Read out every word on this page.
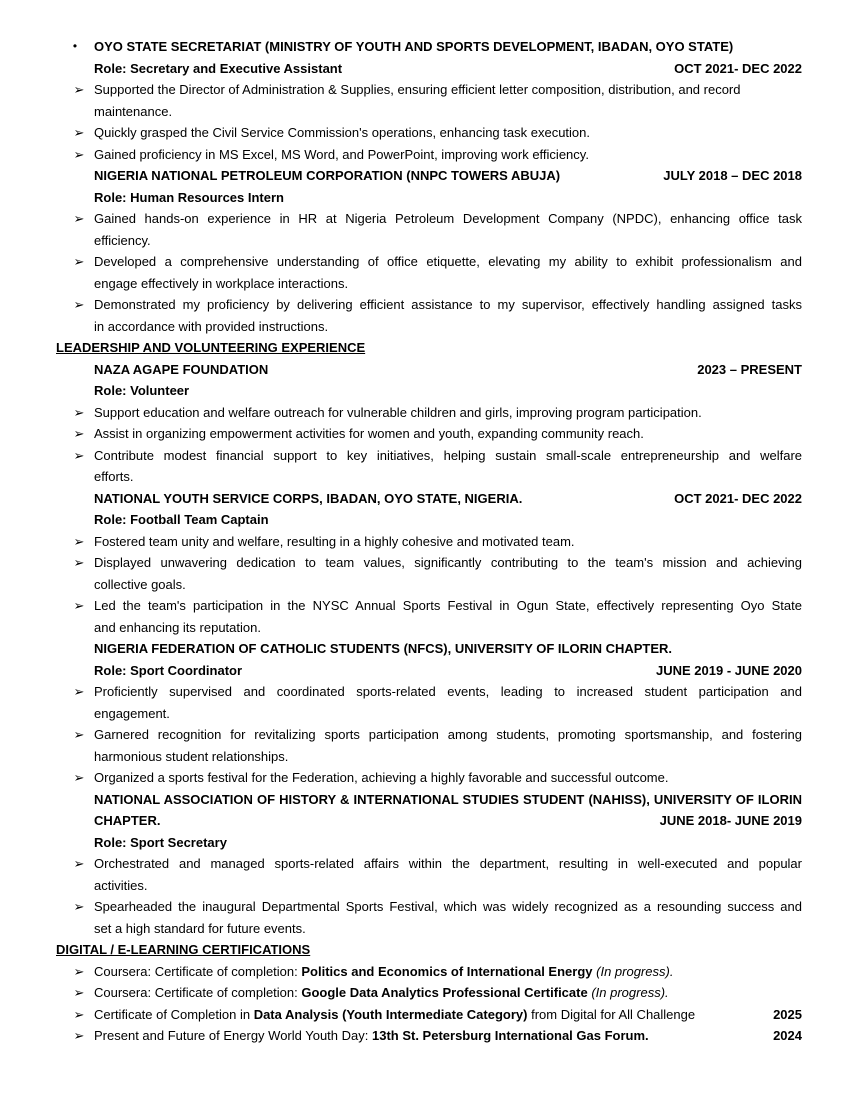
•	OYO STATE SECRETARIAT (MINISTRY OF YOUTH AND SPORTS DEVELOPMENT, IBADAN, OYO STATE)
Role: Secretary and Executive Assistant	OCT 2021- DEC 2022
➢ Supported the Director of Administration & Supplies, ensuring efficient letter composition, distribution, and record
maintenance.
➢ Quickly grasped the Civil Service Commission's operations, enhancing task execution.
➢ Gained proficiency in MS Excel, MS Word, and PowerPoint, improving work efficiency.
NIGERIA NATIONAL PETROLEUM CORPORATION (NNPC TOWERS ABUJA)	JULY 2018 – DEC 2018
Role: Human Resources Intern
➢ Gained hands-on experience in HR at Nigeria Petroleum Development Company (NPDC), enhancing office task
efficiency.
➢ Developed a comprehensive understanding of office etiquette, elevating my ability to exhibit professionalism and
engage effectively in workplace interactions.
➢ Demonstrated my proficiency by delivering efficient assistance to my supervisor, effectively handling assigned tasks
in accordance with provided instructions.
LEADERSHIP AND VOLUNTEERING EXPERIENCE
NAZA AGAPE FOUNDATION	2023 – PRESENT
Role: Volunteer
➢ Support education and welfare outreach for vulnerable children and girls, improving program participation.
➢ Assist in organizing empowerment activities for women and youth, expanding community reach.
➢ Contribute modest financial support to key initiatives, helping sustain small-scale entrepreneurship and welfare
efforts.
NATIONAL YOUTH SERVICE CORPS, IBADAN, OYO STATE, NIGERIA.	OCT 2021- DEC 2022
Role: Football Team Captain
➢ Fostered team unity and welfare, resulting in a highly cohesive and motivated team.
➢ Displayed unwavering dedication to team values, significantly contributing to the team's mission and achieving
collective goals.
➢ Led the team's participation in the NYSC Annual Sports Festival in Ogun State, effectively representing Oyo State
and enhancing its reputation.
NIGERIA FEDERATION OF CATHOLIC STUDENTS (NFCS), UNIVERSITY OF ILORIN CHAPTER.
Role: Sport Coordinator	JUNE 2019 - JUNE 2020
➢ Proficiently supervised and coordinated sports-related events, leading to increased student participation and
engagement.
➢ Garnered recognition for revitalizing sports participation among students, promoting sportsmanship, and fostering
harmonious student relationships.
➢ Organized a sports festival for the Federation, achieving a highly favorable and successful outcome.
NATIONAL ASSOCIATION OF HISTORY & INTERNATIONAL STUDIES STUDENT (NAHISS), UNIVERSITY OF ILORIN
CHAPTER.	JUNE 2018- JUNE 2019
Role: Sport Secretary
➢ Orchestrated and managed sports-related affairs within the department, resulting in well-executed and popular
activities.
➢ Spearheaded the inaugural Departmental Sports Festival, which was widely recognized as a resounding success and
set a high standard for future events.
DIGITAL / E-LEARNING CERTIFICATIONS
➢ Coursera: Certificate of completion: Politics and Economics of International Energy (In progress).
➢ Coursera: Certificate of completion: Google Data Analytics Professional Certificate (In progress).
➢ Certificate of Completion in Data Analysis (Youth Intermediate Category) from Digital for All Challenge	2025
➢ Present and Future of Energy World Youth Day: 13th St. Petersburg International Gas Forum.	2024
